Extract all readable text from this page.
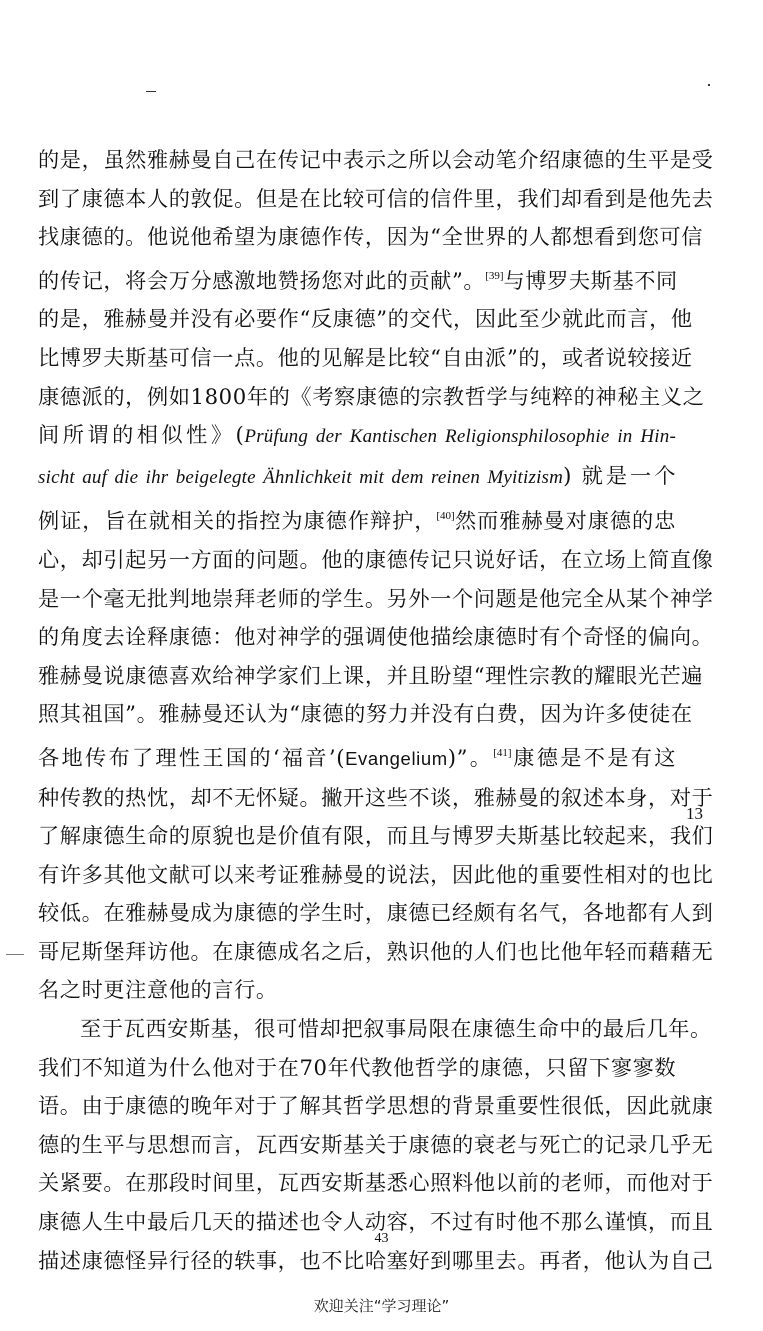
的是，虽然雅赫曼自己在传记中表示之所以会动笔介绍康德的生平是受
到了康德本人的敦促。但是在比较可信的信件里，我们却看到是他先去
找康德的。他说他希望为康德作传，因为“全世界的人都想看到您可信
的传记，将会万分感激地赞扬您对此的贡献”。[39]与博罗夫斯基不同
的是，雅赫曼并没有必要作“反康德”的交代，因此至少就此而言，他
比博罗夫斯基可信一点。他的见解是比较“自由派”的，或者说较接近
康德派的，例如1800年的《考察康德的宗教哲学与纯粹的神秘主义之
间所谓的相似性》(Prüfung der Kantischen Religionsphilosophie in Hin-
sicht auf die ihr beigelegte Ähnlichkeit mit dem reinen Myitizism) 就是一个
例证，旨在就相关的指控为康德作辩护，[40]然而雅赫曼对康德的忠
心，却引起另一方面的问题。他的康德传记只说好话，在立场上简直像
是一个毫无批判地崇拜老师的学生。另外一个问题是他完全从某个神学
的角度去诠释康德：他对神学的强调使他描绘康德时有个奇怪的偏向。
雅赫曼说康德喜欢给神学家们上课，并且盼望“理性宗教的耀眼光芒遍
照其祖国”。雅赫曼还认为“康德的努力并没有白费，因为许多使徒在
各地传布了理性王国的‘福音’(Evangelium)”。[41]康德是不是有这
种传教的热忱，却不无怀疑。撇开这些不谈，雅赫曼的叙述本身，对于
了解康德生命的原貌也是价值有限，而且与博罗夫斯基比较起来，我们
有许多其他文献可以来考证雅赫曼的说法，因此他的重要性相对的也比
较低。在雅赫曼成为康德的学生时，康德已经颇有名气，各地都有人到
哥尼斯堡拜访他。在康德成名之后，熟识他的人们也比他年轻而藉藉无
名之时更注意他的言行。
至于瓦西安斯基，很可惜却把叙事局限在康德生命中的最后几年。
我们不知道为什么他对于在70年代教他哲学的康德，只留下寥寥数
语。由于康德的晚年对于了解其哲学思想的背景重要性很低，因此就康
德的生平与思想而言，瓦西安斯基关于康德的衰老与死亡的记录几乎无
关紧要。在那段时间里，瓦西安斯基悉心照料他以前的老师，而他对于
康德人生中最后几天的描述也令人动容，不过有时他不那么谨慎，而且
描述康德怪异行径的轶事，也不比哈塞好到哪里去。再者，他认为自己
13
43
欢迎关注“学习理论”
